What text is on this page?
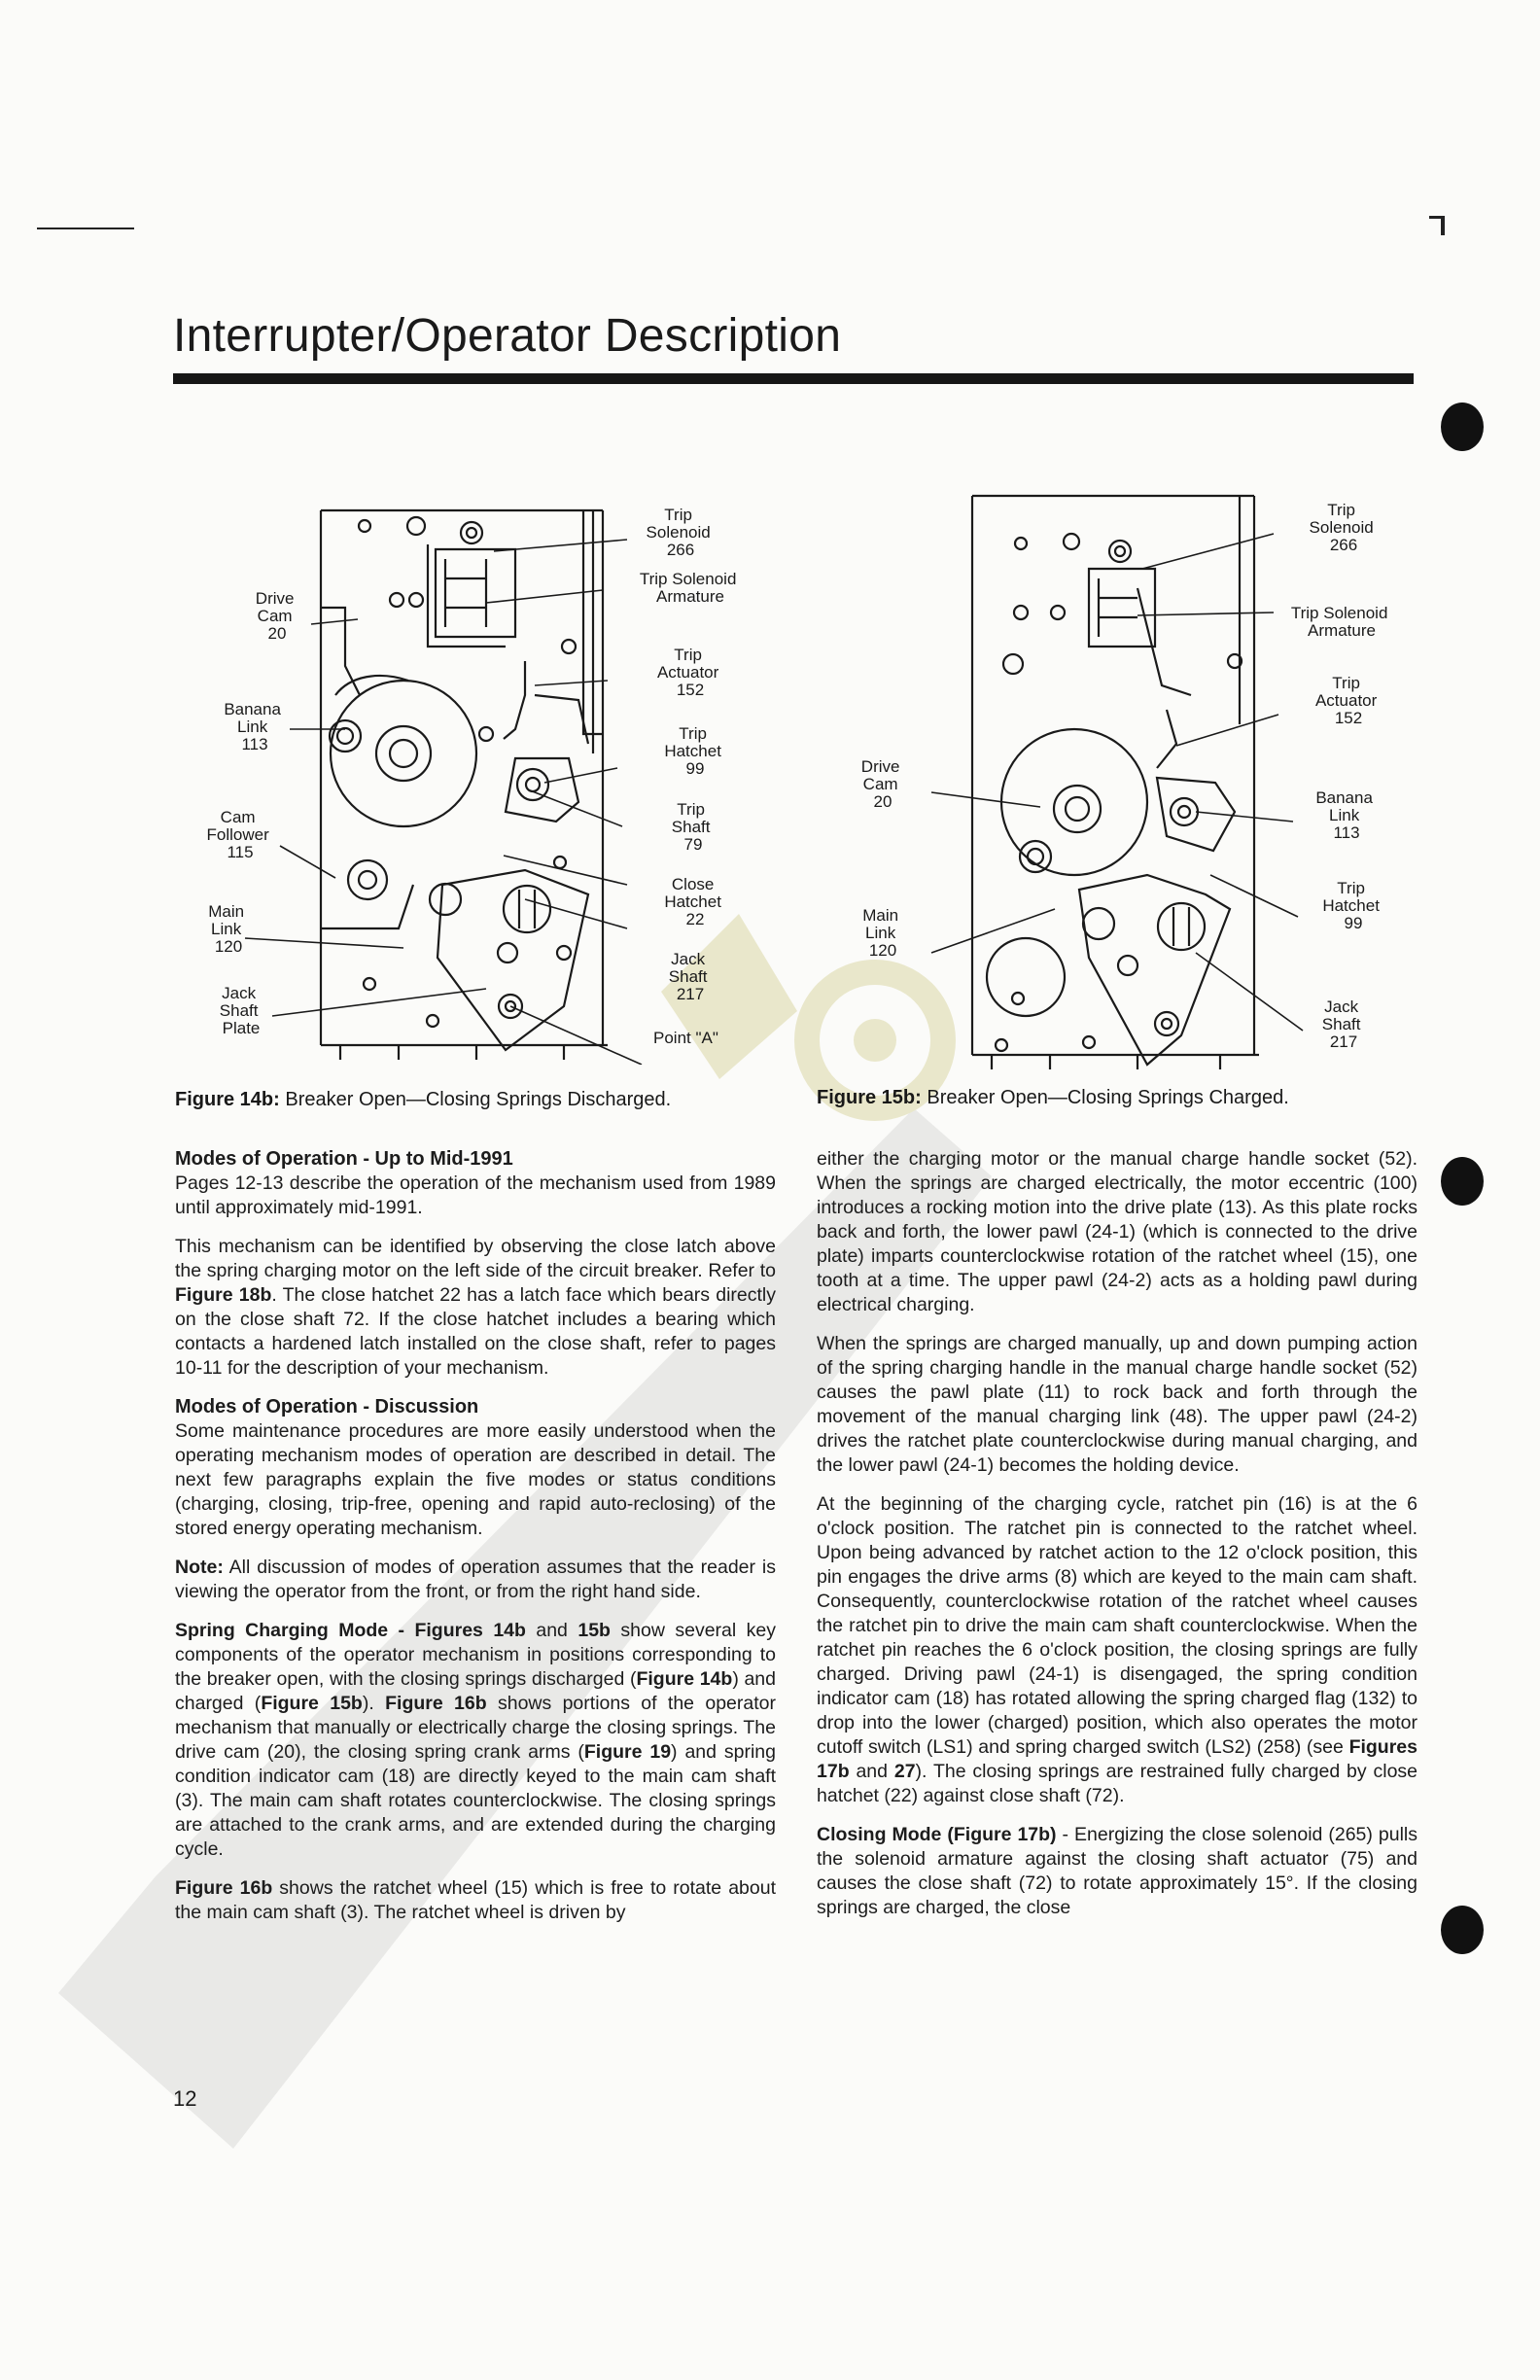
Interrupter/Operator Description
Trip Solenoid 266
Trip Solenoid Armature
Trip Actuator 152
Trip Hatchet 99
Trip Shaft 79
Close Hatchet 22
Jack Shaft 217
Point "A"
Drive Cam 20
Banana Link 113
Cam Follower 115
Main Link 120
Jack Shaft Plate
Figure 14b: Breaker Open—Closing Springs Discharged.
Trip Solenoid 266
Trip Solenoid Armature
Trip Actuator 152
Banana Link 113
Trip Hatchet 99
Jack Shaft 217
Drive Cam 20
Main Link 120
Figure 15b: Breaker Open—Closing Springs Charged.
Modes of Operation - Up to Mid-1991

Pages 12-13 describe the operation of the mechanism used from 1989 until approximately mid-1991.

This mechanism can be identified by observing the close latch above the spring charging motor on the left side of the circuit breaker. Refer to Figure 18b. The close hatchet 22 has a latch face which bears directly on the close shaft 72. If the close hatchet includes a bearing which contacts a hardened latch installed on the close shaft, refer to pages 10-11 for the description of your mechanism.

Modes of Operation - Discussion

Some maintenance procedures are more easily understood when the operating mechanism modes of operation are described in detail. The next few paragraphs explain the five modes or status conditions (charging, closing, trip-free, opening and rapid auto-reclosing) of the stored energy operating mechanism.

Note: All discussion of modes of operation assumes that the reader is viewing the operator from the front, or from the right hand side.

Spring Charging Mode - Figures 14b and 15b show several key components of the operator mechanism in positions corresponding to the breaker open, with the closing springs discharged (Figure 14b) and charged (Figure 15b). Figure 16b shows portions of the operator mechanism that manually or electrically charge the closing springs. The drive cam (20), the closing spring crank arms (Figure 19) and spring condition indicator cam (18) are directly keyed to the main cam shaft (3). The main cam shaft rotates counterclockwise. The closing springs are attached to the crank arms, and are extended during the charging cycle.

Figure 16b shows the ratchet wheel (15) which is free to rotate about the main cam shaft (3). The ratchet wheel is driven by

either the charging motor or the manual charge handle socket (52). When the springs are charged electrically, the motor eccentric (100) introduces a rocking motion into the drive plate (13). As this plate rocks back and forth, the lower pawl (24-1) (which is connected to the drive plate) imparts counterclockwise rotation of the ratchet wheel (15), one tooth at a time. The upper pawl (24-2) acts as a holding pawl during electrical charging.

When the springs are charged manually, up and down pumping action of the spring charging handle in the manual charge handle socket (52) causes the pawl plate (11) to rock back and forth through the movement of the manual charging link (48). The upper pawl (24-2) drives the ratchet plate counterclockwise during manual charging, and the lower pawl (24-1) becomes the holding device.

At the beginning of the charging cycle, ratchet pin (16) is at the 6 o'clock position. The ratchet pin is connected to the ratchet wheel. Upon being advanced by ratchet action to the 12 o'clock position, this pin engages the drive arms (8) which are keyed to the main cam shaft. Consequently, counterclockwise rotation of the ratchet wheel causes the ratchet pin to drive the main cam shaft counterclockwise. When the ratchet pin reaches the 6 o'clock position, the closing springs are fully charged. Driving pawl (24-1) is disengaged, the spring condition indicator cam (18) has rotated allowing the spring charged flag (132) to drop into the lower (charged) position, which also operates the motor cutoff switch (LS1) and spring charged switch (LS2) (258) (see Figures 17b and 27). The closing springs are restrained fully charged by close hatchet (22) against close shaft (72).

Closing Mode (Figure 17b) - Energizing the close solenoid (265) pulls the solenoid armature against the closing shaft actuator (75) and causes the close shaft (72) to rotate approximately 15°. If the closing springs are charged, the close

12
